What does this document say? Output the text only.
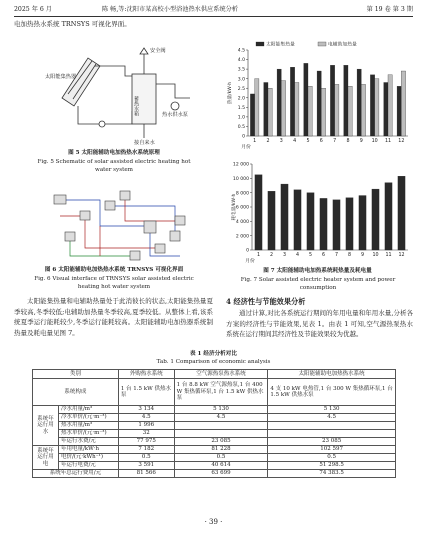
2025 年 6 月	陈 畅,等:沈阳市某高校小型浴池热水供应系统分析	第 19 卷 第 3 期
电加热热水系统 TRNSYS 可视化界面。
太阳能集热器
蓄热水箱
安全阀
热水供水泵
接自来水
图 5 太阳能辅助电加热热水系统原理
Fig. 5 Schematic of solar assisted electric heating hot water system
图 6 太阳能辅助电加热热水系统 TRNSYS 可视化界面
Fig. 6 Visual interface of TRNSYS solar assisted electric heating hot water system
太阳能集热量和电辅助热量处于此消彼长的状态,太阳能集热量夏季较高,冬季较低;电辅助加热量冬季较高,夏季较低。从整体上看,该系统夏季运行能耗较少,冬季运行能耗较高。太阳能辅助电加热器系统制热量及耗电量见图 7。
0
0.5
1.0
1.5
2.0
2.5
3.0
3.5
4.0
4.5
1 2 3 4 5 6 7 8 9 10 11 12
热量/kW·h
月份
太阳能集热量	电辅助加热量
0
2 000
4 000
6 000
8 000
10 000
12 000
1 2 3 4 5 6 7 8 9 10 11 12
耗电量/kW·h
月份
图 7 太阳能辅助电加热系统耗热量及耗电量
Fig. 7 Solar assisted electric heater system and power consumption
4 经济性与节能效果分析
通过计算,对比各系统运行期间的年用电量和年用水量,分析各方案的经济性与节能效果,见表 1。由表 1 可知,空气源热泵热水系统在运行期间其经济性及节能效果较为优越。
表 1 经济分析对比
Tab. 1 Comparison of economic analysis
类别		外购热水系统	空气源热泵热水系统	太阳能辅助电加热热水系统
系统构成		1 台 1.5 kW 供热水泵	1 台 8.8 kW 空气源热泵,1 台 400 W 集热循环泵,1 台 1.5 kW 供热水泵	4 支 10 kW 电热管,1 台 300 W 集热循环泵,1 台 1.5 kW 供热水泵
系统年运行用水	冷水用量/m³	3 134	5 130	5 130
	冷水单价/(元·m⁻³)	4.5	4.5	4.5
	热水用量/m³	1 996		
	热水单价/(元·m⁻³)	32		
	年运行水费/元	77 975	23 085	23 085
系统年运行用电	年用电量/kW·h	7 182	81 228	102 597
	电价/(元·kWh⁻¹)	0.5	0.5	0.5
	年运行电费/元	3 591	40 614	51 298.5
系统年总运行费用/元		81 566	63 699	74 383.5
· 39 ·
